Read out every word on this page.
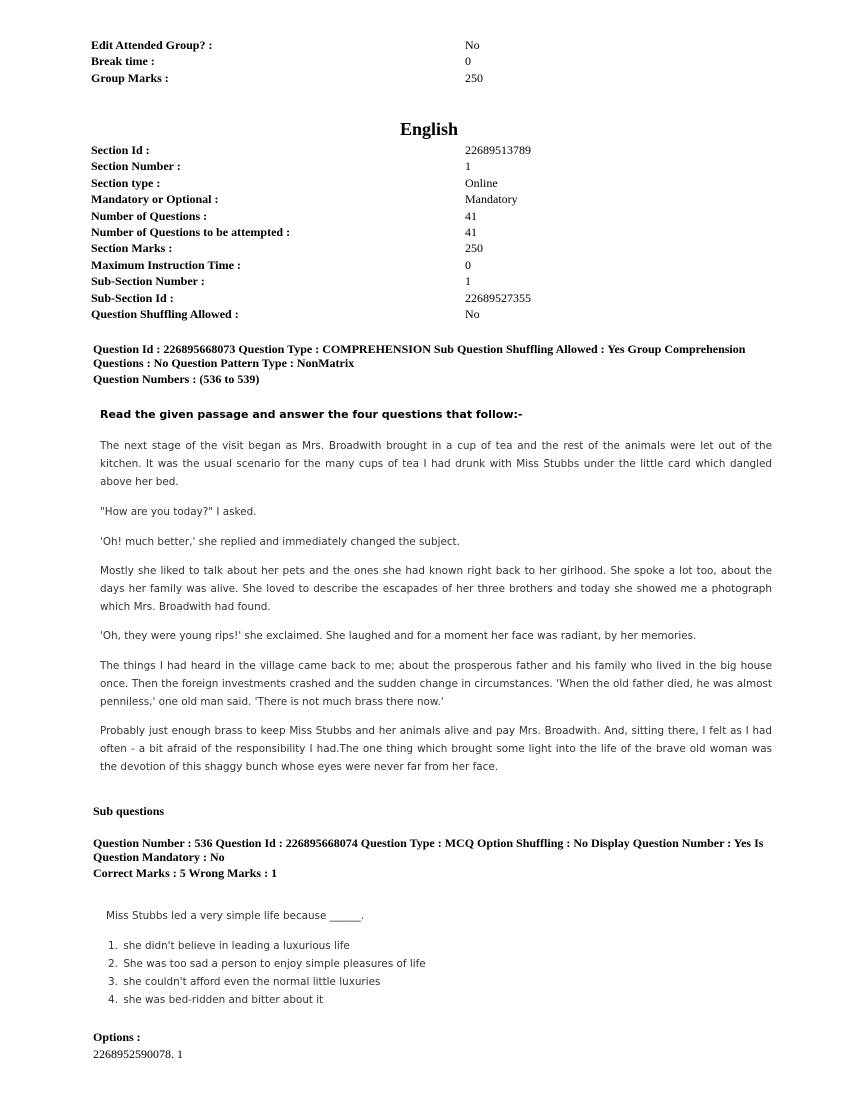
Edit Attended Group? :	No
Break time :	0
Group Marks :	250
English
Section Id :	22689513789
Section Number :	1
Section type :	Online
Mandatory or Optional :	Mandatory
Number of Questions :	41
Number of Questions to be attempted :	41
Section Marks :	250
Maximum Instruction Time :	0
Sub-Section Number :	1
Sub-Section Id :	22689527355
Question Shuffling Allowed :	No
Question Id : 226895668073 Question Type : COMPREHENSION Sub Question Shuffling Allowed : Yes Group Comprehension Questions : No Question Pattern Type : NonMatrix
Question Numbers : (536 to 539)
Read the given passage and answer the four questions that follow:-

The next stage of the visit began as Mrs. Broadwith brought in a cup of tea and the rest of the animals were let out of the kitchen. It was the usual scenario for the many cups of tea I had drunk with Miss Stubbs under the little card which dangled above her bed.

"How are you today?" I asked.

'Oh! much better,' she replied and immediately changed the subject.

Mostly she liked to talk about her pets and the ones she had known right back to her girlhood. She spoke a lot too, about the days her family was alive. She loved to describe the escapades of her three brothers and today she showed me a photograph which Mrs. Broadwith had found.

'Oh, they were young rips!' she exclaimed. She laughed and for a moment her face was radiant, by her memories.

The things I had heard in the village came back to me; about the prosperous father and his family who lived in the big house once. Then the foreign investments crashed and the sudden change in circumstances. 'When the old father died, he was almost penniless,' one old man said. 'There is not much brass there now.'

Probably just enough brass to keep Miss Stubbs and her animals alive and pay Mrs. Broadwith. And, sitting there, I felt as I had often - a bit afraid of the responsibility I had.The one thing which brought some light into the life of the brave old woman was the devotion of this shaggy bunch whose eyes were never far from her face.

Sub questions
Question Number : 536 Question Id : 226895668074 Question Type : MCQ Option Shuffling : No Display Question Number : Yes Is Question Mandatory : No
Correct Marks : 5 Wrong Marks : 1
Miss Stubbs led a very simple life because ______.
1. she didn't believe in leading a luxurious life
2. She was too sad a person to enjoy simple pleasures of life
3. she couldn't afford even the normal little luxuries
4. she was bed-ridden and bitter about it
Options :
2268952590078. 1
